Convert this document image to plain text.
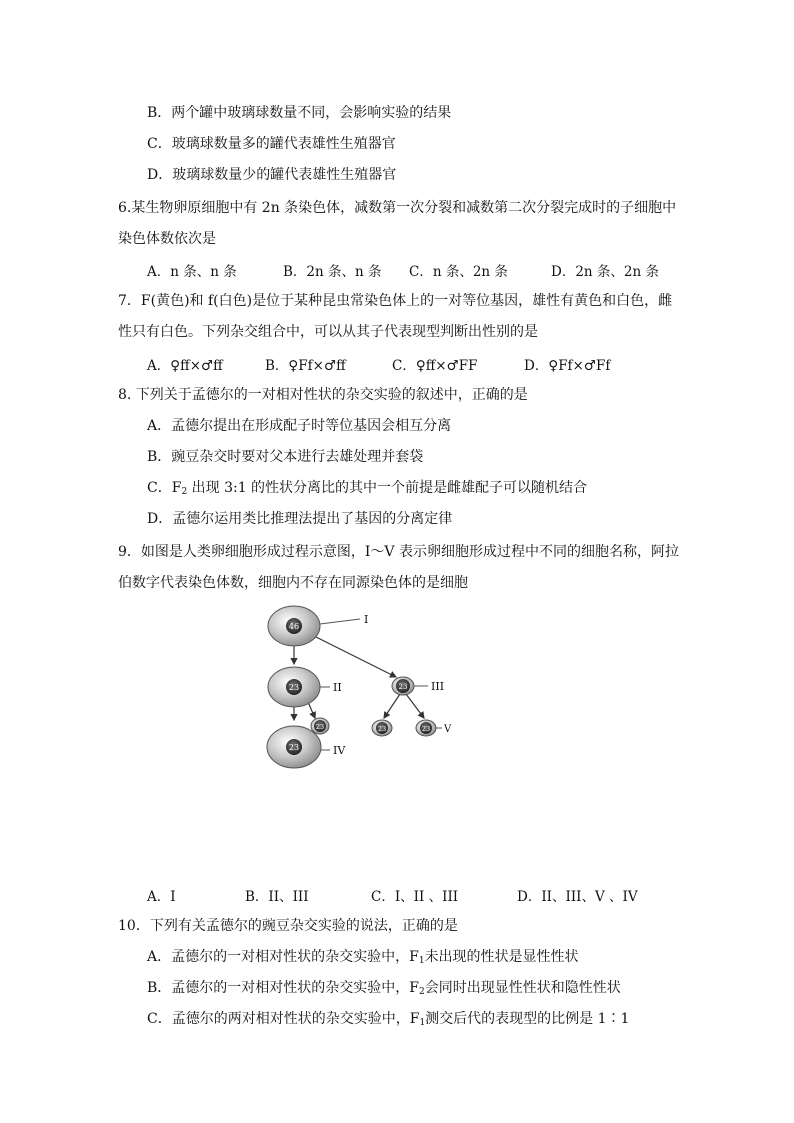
B．两个罐中玻璃球数量不同，会影响实验的结果
C．玻璃球数量多的罐代表雄性生殖器官
D．玻璃球数量少的罐代表雄性生殖器官
6.某生物卵原细胞中有 2n 条染色体，减数第一次分裂和减数第二次分裂完成时的子细胞中
染色体数依次是
A．n 条、n 条	B．2n 条、n 条 C．n 条、2n 条	D．2n 条、2n 条
7．F(黄色)和 f(白色)是位于某种昆虫常染色体上的一对等位基因，雄性有黄色和白色，雌
性只有白色。下列杂交组合中，可以从其子代表现型判断出性别的是
A．♀ff×♂ff	B．♀Ff×♂ff	C．♀ff×♂FF	D．♀Ff×♂Ff
8. 下列关于孟德尔的一对相对性状的杂交实验的叙述中，正确的是
A．孟德尔提出在形成配子时等位基因会相互分离
B．豌豆杂交时要对父本进行去雄处理并套袋
C．$F_2$ 出现 3:1 的性状分离比的其中一个前提是雌雄配子可以随机结合
D．孟德尔运用类比推理法提出了基因的分离定律
9．如图是人类卵细胞形成过程示意图，I～V 表示卵细胞形成过程中不同的细胞名称，阿拉
伯数字代表染色体数，细胞内不存在同源染色体的是细胞
46
23	23
23
23
23	23
I
II	III
IV
V
A．I	B．II、III	C．I、II 、III	D．II、III、V 、IV
10．下列有关孟德尔的豌豆杂交实验的说法，正确的是
A．孟德尔的一对相对性状的杂交实验中，$F_1$未出现的性状是显性性状
B．孟德尔的一对相对性状的杂交实验中，$F_2$会同时出现显性性状和隐性性状
C．孟德尔的两对相对性状的杂交实验中，$F_1$测交后代的表现型的比例是 1∶1
